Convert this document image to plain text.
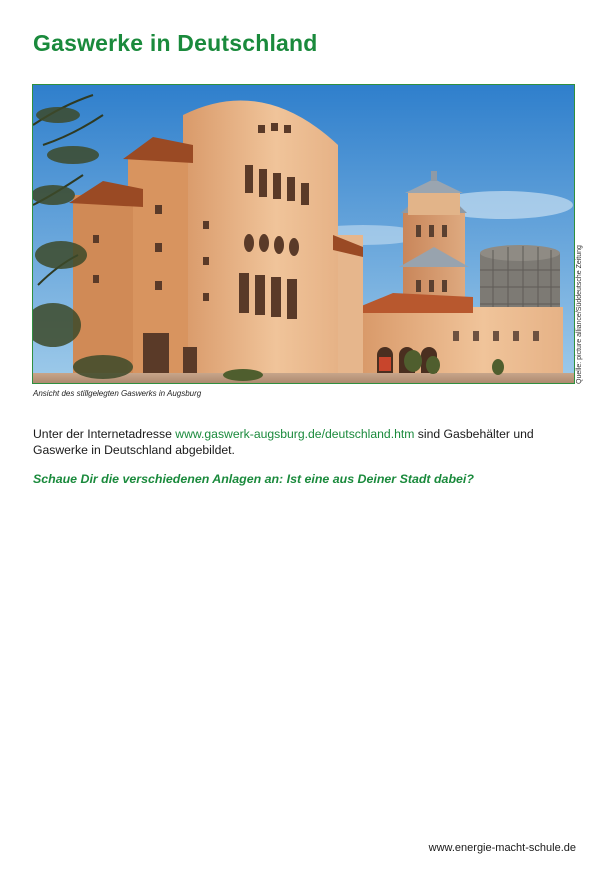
Gaswerke in Deutschland
Quelle: picture alliance/Süddeutsche Zeitung
Ansicht des stillgelegten Gaswerks in Augsburg

Unter der Internetadresse www.gaswerk-augsburg.de/deutschland.htm sind Gasbehälter und Gaswerke in Deutschland abgebildet.

Schaue Dir die verschiedenen Anlagen an: Ist eine aus Deiner Stadt dabei?

www.energie-macht-schule.de
